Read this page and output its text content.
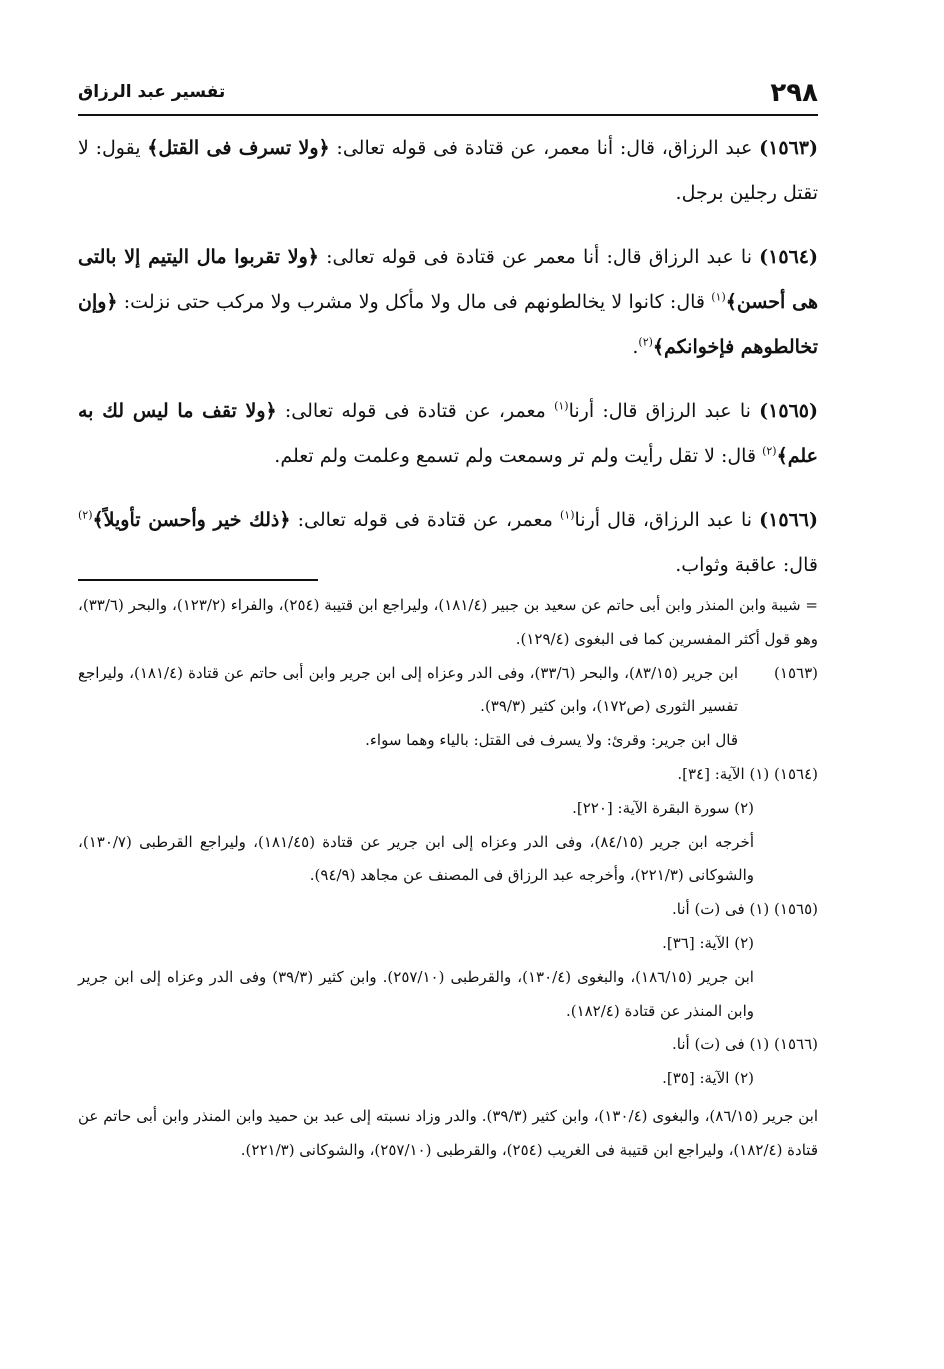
٢٩٨
تفسير عبد الرزاق

(١٥٦٣) عبد الرزاق، قال: أنا معمر، عن قتادة فى قوله تعالى: ﴿ولا تسرف فى القتل﴾ يقول: لا تقتل رجلين برجل.

(١٥٦٤) نا عبد الرزاق قال: أنا معمر عن قتادة فى قوله تعالى: ﴿ولا تقربوا مال اليتيم إلا بالتى هى أحسن﴾$^{(١)}$ قال: كانوا لا يخالطونهم فى مال ولا مأكل ولا مشرب ولا مركب حتى نزلت: ﴿وإن تخالطوهم فإخوانكم﴾$^{(٢)}$.

(١٥٦٥) نا عبد الرزاق قال: أرنا$^{(١)}$ معمر، عن قتادة فى قوله تعالى: ﴿ولا تقف ما ليس لك به علم﴾$^{(٢)}$ قال: لا تقل رأيت ولم تر وسمعت ولم تسمع وعلمت ولم تعلم.

(١٥٦٦) نا عبد الرزاق، قال أرنا$^{(١)}$ معمر، عن قتادة فى قوله تعالى: ﴿ذلك خير وأحسن تأويلاً﴾$^{(٢)}$ قال: عاقبة وثواب.

= شيبة وابن المنذر وابن أبى حاتم عن سعيد بن جبير (١٨١/٤)، وليراجع ابن قتيبة (٢٥٤)، والفراء (١٢٣/٢)، والبحر (٣٣/٦)، وهو قول أكثر المفسرين كما فى البغوى (١٢٩/٤).
(١٥٦٣)
ابن جرير (٨٣/١٥)، والبحر (٣٣/٦)، وفى الدر وعزاه إلى ابن جرير وابن أبى حاتم عن قتادة (١٨١/٤)، وليراجع تفسير الثورى (ص١٧٢)، وابن كثير (٣٩/٣).
قال ابن جرير: وقرئ: ولا يسرف فى القتل: بالياء وهما سواء.
(١٥٦٤) (١) الآية: [٣٤].
(٢) سورة البقرة الآية: [٢٢٠].
أخرجه ابن جرير (٨٤/١٥)، وفى الدر وعزاه إلى ابن جرير عن قتادة (١٨١/٤٥)، وليراجع القرطبى (١٣٠/٧)، والشوكانى (٢٢١/٣)، وأخرجه عبد الرزاق فى المصنف عن مجاهد (٩٤/٩).
(١٥٦٥) (١) فى (ت) أنا.
(٢) الآية: [٣٦].
ابن جرير (١٨٦/١٥)، والبغوى (١٣٠/٤)، والقرطبى (٢٥٧/١٠). وابن كثير (٣٩/٣) وفى الدر وعزاه إلى ابن جرير وابن المنذر عن قتادة (١٨٢/٤).
(١٥٦٦) (١) فى (ت) أنا.
(٢) الآية: [٣٥].
ابن جرير (٨٦/١٥)، والبغوى (١٣٠/٤)، وابن كثير (٣٩/٣). والدر وزاد نسبته إلى عبد بن حميد وابن المنذر وابن أبى حاتم عن قتادة (١٨٢/٤)، وليراجع ابن قتيبة فى الغريب (٢٥٤)، والقرطبى (٢٥٧/١٠)، والشوكانى (٢٢١/٣).
